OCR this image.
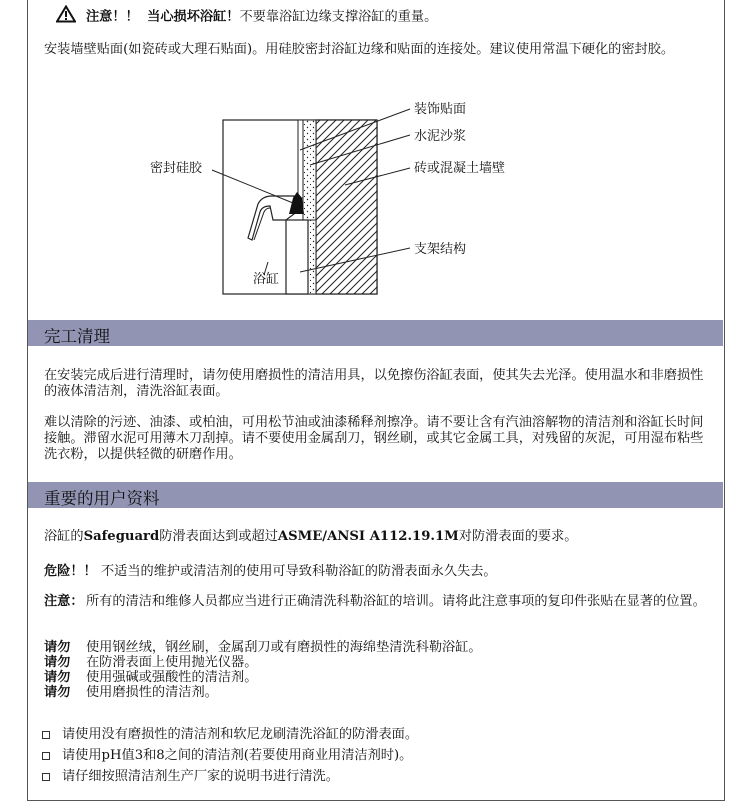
注意！！ 当心损坏浴缸！不要靠浴缸边缘支撑浴缸的重量。

安装墙壁贴面(如瓷砖或大理石贴面)。用硅胶密封浴缸边缘和贴面的连接处。建议使用常温下硬化的密封胶。

装饰贴面
水泥沙浆
砖或混凝土墙壁
密封硅胶
支架结构
浴缸
完工清理

在安装完成后进行清理时，请勿使用磨损性的清洁用具，以免擦伤浴缸表面，使其失去光泽。使用温水和非磨损性的液体清洁剂，清洗浴缸表面。

难以清除的污迹、油漆、或柏油，可用松节油或油漆稀释剂擦净。请不要让含有汽油溶解物的清洁剂和浴缸长时间接触。滞留水泥可用薄木刀刮掉。请不要使用金属刮刀，钢丝刷，或其它金属工具，对残留的灰泥，可用湿布粘些洗衣粉，以提供轻微的研磨作用。

重要的用户资料
浴缸的Safeguard防滑表面达到或超过ASME/ANSI A112.19.1M对防滑表面的要求。
危险！！ 不适当的维护或清洁剂的使用可导致科勒浴缸的防滑表面永久失去。
注意： 所有的清洁和维修人员都应当进行正确清洗科勒浴缸的培训。请将此注意事项的复印件张贴在显著的位置。
请勿 使用钢丝绒，钢丝刷，金属刮刀或有磨损性的海绵垫清洗科勒浴缸。
请勿 在防滑表面上使用抛光仪器。
请勿 使用强碱或强酸性的清洁剂。
请勿 使用磨损性的清洁剂。
请使用没有磨损性的清洁剂和软尼龙刷清洗浴缸的防滑表面。
请使用pH值3和8之间的清洁剂(若要使用商业用清洁剂时)。
请仔细按照清洁剂生产厂家的说明书进行清洗。
